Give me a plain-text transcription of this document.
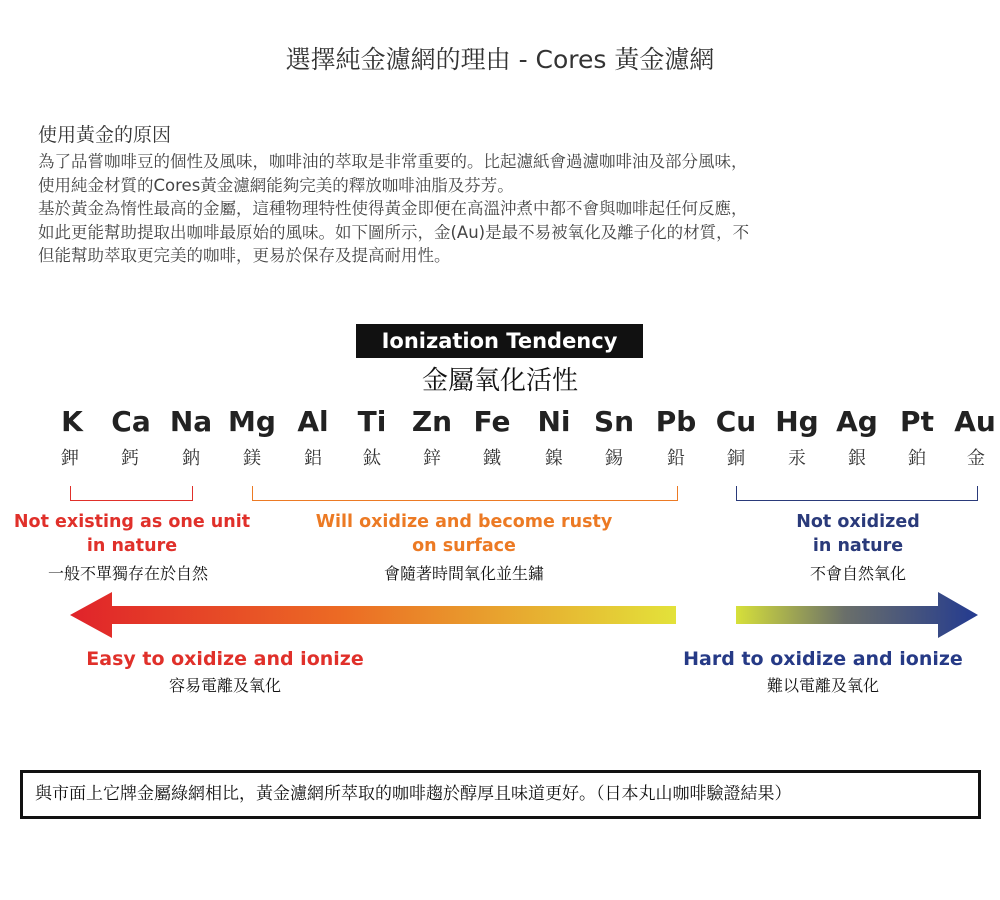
選擇純金濾網的理由 - Cores 黃金濾網
使用黃金的原因

為了品嘗咖啡豆的個性及風味，咖啡油的萃取是非常重要的。比起濾紙會過濾咖啡油及部分風味，

使用純金材質的Cores黃金濾網能夠完美的釋放咖啡油脂及芬芳。

基於黃金為惰性最高的金屬，這種物理特性使得黃金即便在高溫沖煮中都不會與咖啡起任何反應，

如此更能幫助提取出咖啡最原始的風味。如下圖所示，金(Au)是最不易被氧化及離子化的材質，不

但能幫助萃取更完美的咖啡，更易於保存及提高耐用性。

Ionization Tendency
金屬氧化活性
K	Ca Na Mg Al	Ti Zn Fe Ni Sn Pb Cu Hg Ag Pt Au
鉀	鈣	鈉	鎂	鋁	鈦	鋅	鐵	鎳	錫	鉛	銅	汞	銀	鉑	金
Not existing as one unit
in nature
一般不單獨存在於自然
Will oxidize and become rusty
on surface
會隨著時間氧化並生鏽
Not oxidized
in nature
不會自然氧化
Easy to oxidize and ionize
容易電離及氧化
Hard to oxidize and ionize
難以電離及氧化
與市面上它牌金屬綠網相比，黃金濾網所萃取的咖啡趨於醇厚且味道更好。（日本丸山咖啡驗證結果）
